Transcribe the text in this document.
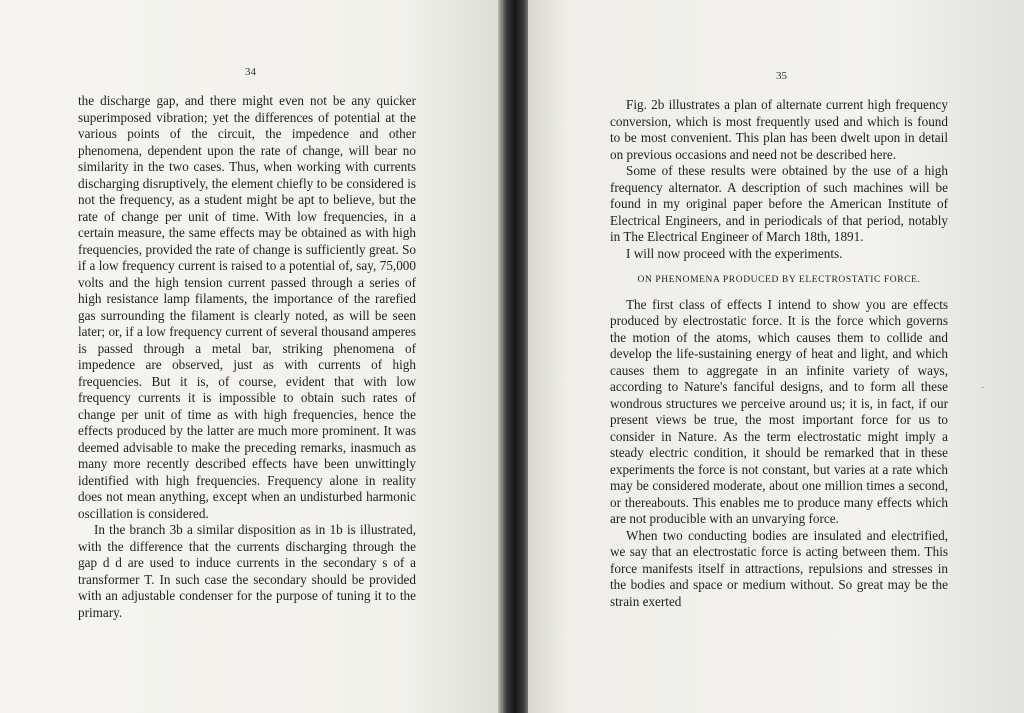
34

the discharge gap, and there might even not be any quicker superimposed vibration; yet the differences of potential at the various points of the circuit, the impedence and other phenomena, dependent upon the rate of change, will bear no similarity in the two cases. Thus, when working with currents discharging disruptively, the element chiefly to be considered is not the frequency, as a student might be apt to believe, but the rate of change per unit of time. With low frequencies, in a certain measure, the same effects may be obtained as with high frequencies, provided the rate of change is sufficiently great. So if a low frequency current is raised to a potential of, say, 75,000 volts and the high tension current passed through a series of high resistance lamp filaments, the importance of the rarefied gas surrounding the filament is clearly noted, as will be seen later; or, if a low frequency current of several thousand amperes is passed through a metal bar, striking phenomena of impedence are observed, just as with currents of high frequencies. But it is, of course, evident that with low frequency currents it is impossible to obtain such rates of change per unit of time as with high frequencies, hence the effects produced by the latter are much more prominent. It was deemed advisable to make the preceding remarks, inasmuch as many more recently described effects have been unwittingly identified with high frequencies. Frequency alone in reality does not mean anything, except when an undisturbed harmonic oscillation is considered.

In the branch 3b a similar disposition as in 1b is illustrated, with the difference that the currents discharging through the gap d d are used to induce currents in the secondary s of a transformer T. In such case the secondary should be provided with an adjustable condenser for the purpose of tuning it to the primary.

35

Fig. 2b illustrates a plan of alternate current high frequency conversion, which is most frequently used and which is found to be most convenient. This plan has been dwelt upon in detail on previous occasions and need not be described here.

Some of these results were obtained by the use of a high frequency alternator. A description of such machines will be found in my original paper before the American Institute of Electrical Engineers, and in periodicals of that period, notably in The Electrical Engineer of March 18th, 1891.

I will now proceed with the experiments.

ON PHENOMENA PRODUCED BY ELECTROSTATIC FORCE.

The first class of effects I intend to show you are effects produced by electrostatic force. It is the force which governs the motion of the atoms, which causes them to collide and develop the life-sustaining energy of heat and light, and which causes them to aggregate in an infinite variety of ways, according to Nature's fanciful designs, and to form all these wondrous structures we perceive around us; it is, in fact, if our present views be true, the most important force for us to consider in Nature. As the term electrostatic might imply a steady electric condition, it should be remarked that in these experiments the force is not constant, but varies at a rate which may be considered moderate, about one million times a second, or thereabouts. This enables me to produce many effects which are not producible with an unvarying force.

When two conducting bodies are insulated and electrified, we say that an electrostatic force is acting between them. This force manifests itself in attractions, repulsions and stresses in the bodies and space or medium without. So great may be the strain exerted

·
